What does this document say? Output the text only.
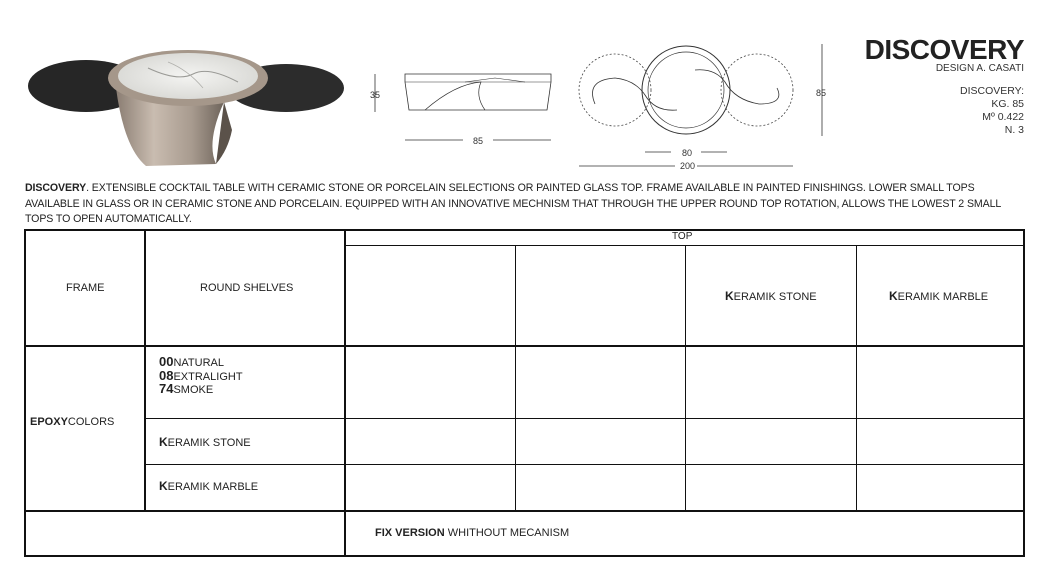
35
85
85
80
200
DISCOVERY
DESIGN A. CASATI
DISCOVERY:
KG. 85
Mº 0.422
N. 3
DISCOVERY. EXTENSIBLE COCKTAIL TABLE WITH CERAMIC STONE OR PORCELAIN SELECTIONS OR PAINTED GLASS TOP. FRAME AVAILABLE IN PAINTED FINISHINGS. LOWER SMALL TOPS AVAILABLE IN GLASS OR IN CERAMIC STONE AND PORCELAIN. EQUIPPED WITH AN INNOVATIVE MECHNISM THAT THROUGH THE UPPER ROUND TOP ROTATION, ALLOWS THE LOWEST 2 SMALL TOPS TO OPEN AUTOMATICALLY.
TOP
FRAME	ROUND SHELVES
KERAMIK STONE	KERAMIK MARBLE
EPOXYCOLORS
00NATURAL
08EXTRALIGHT
74SMOKE
KERAMIK STONE
KERAMIK MARBLE
FIX VERSION WHITHOUT MECANISM
